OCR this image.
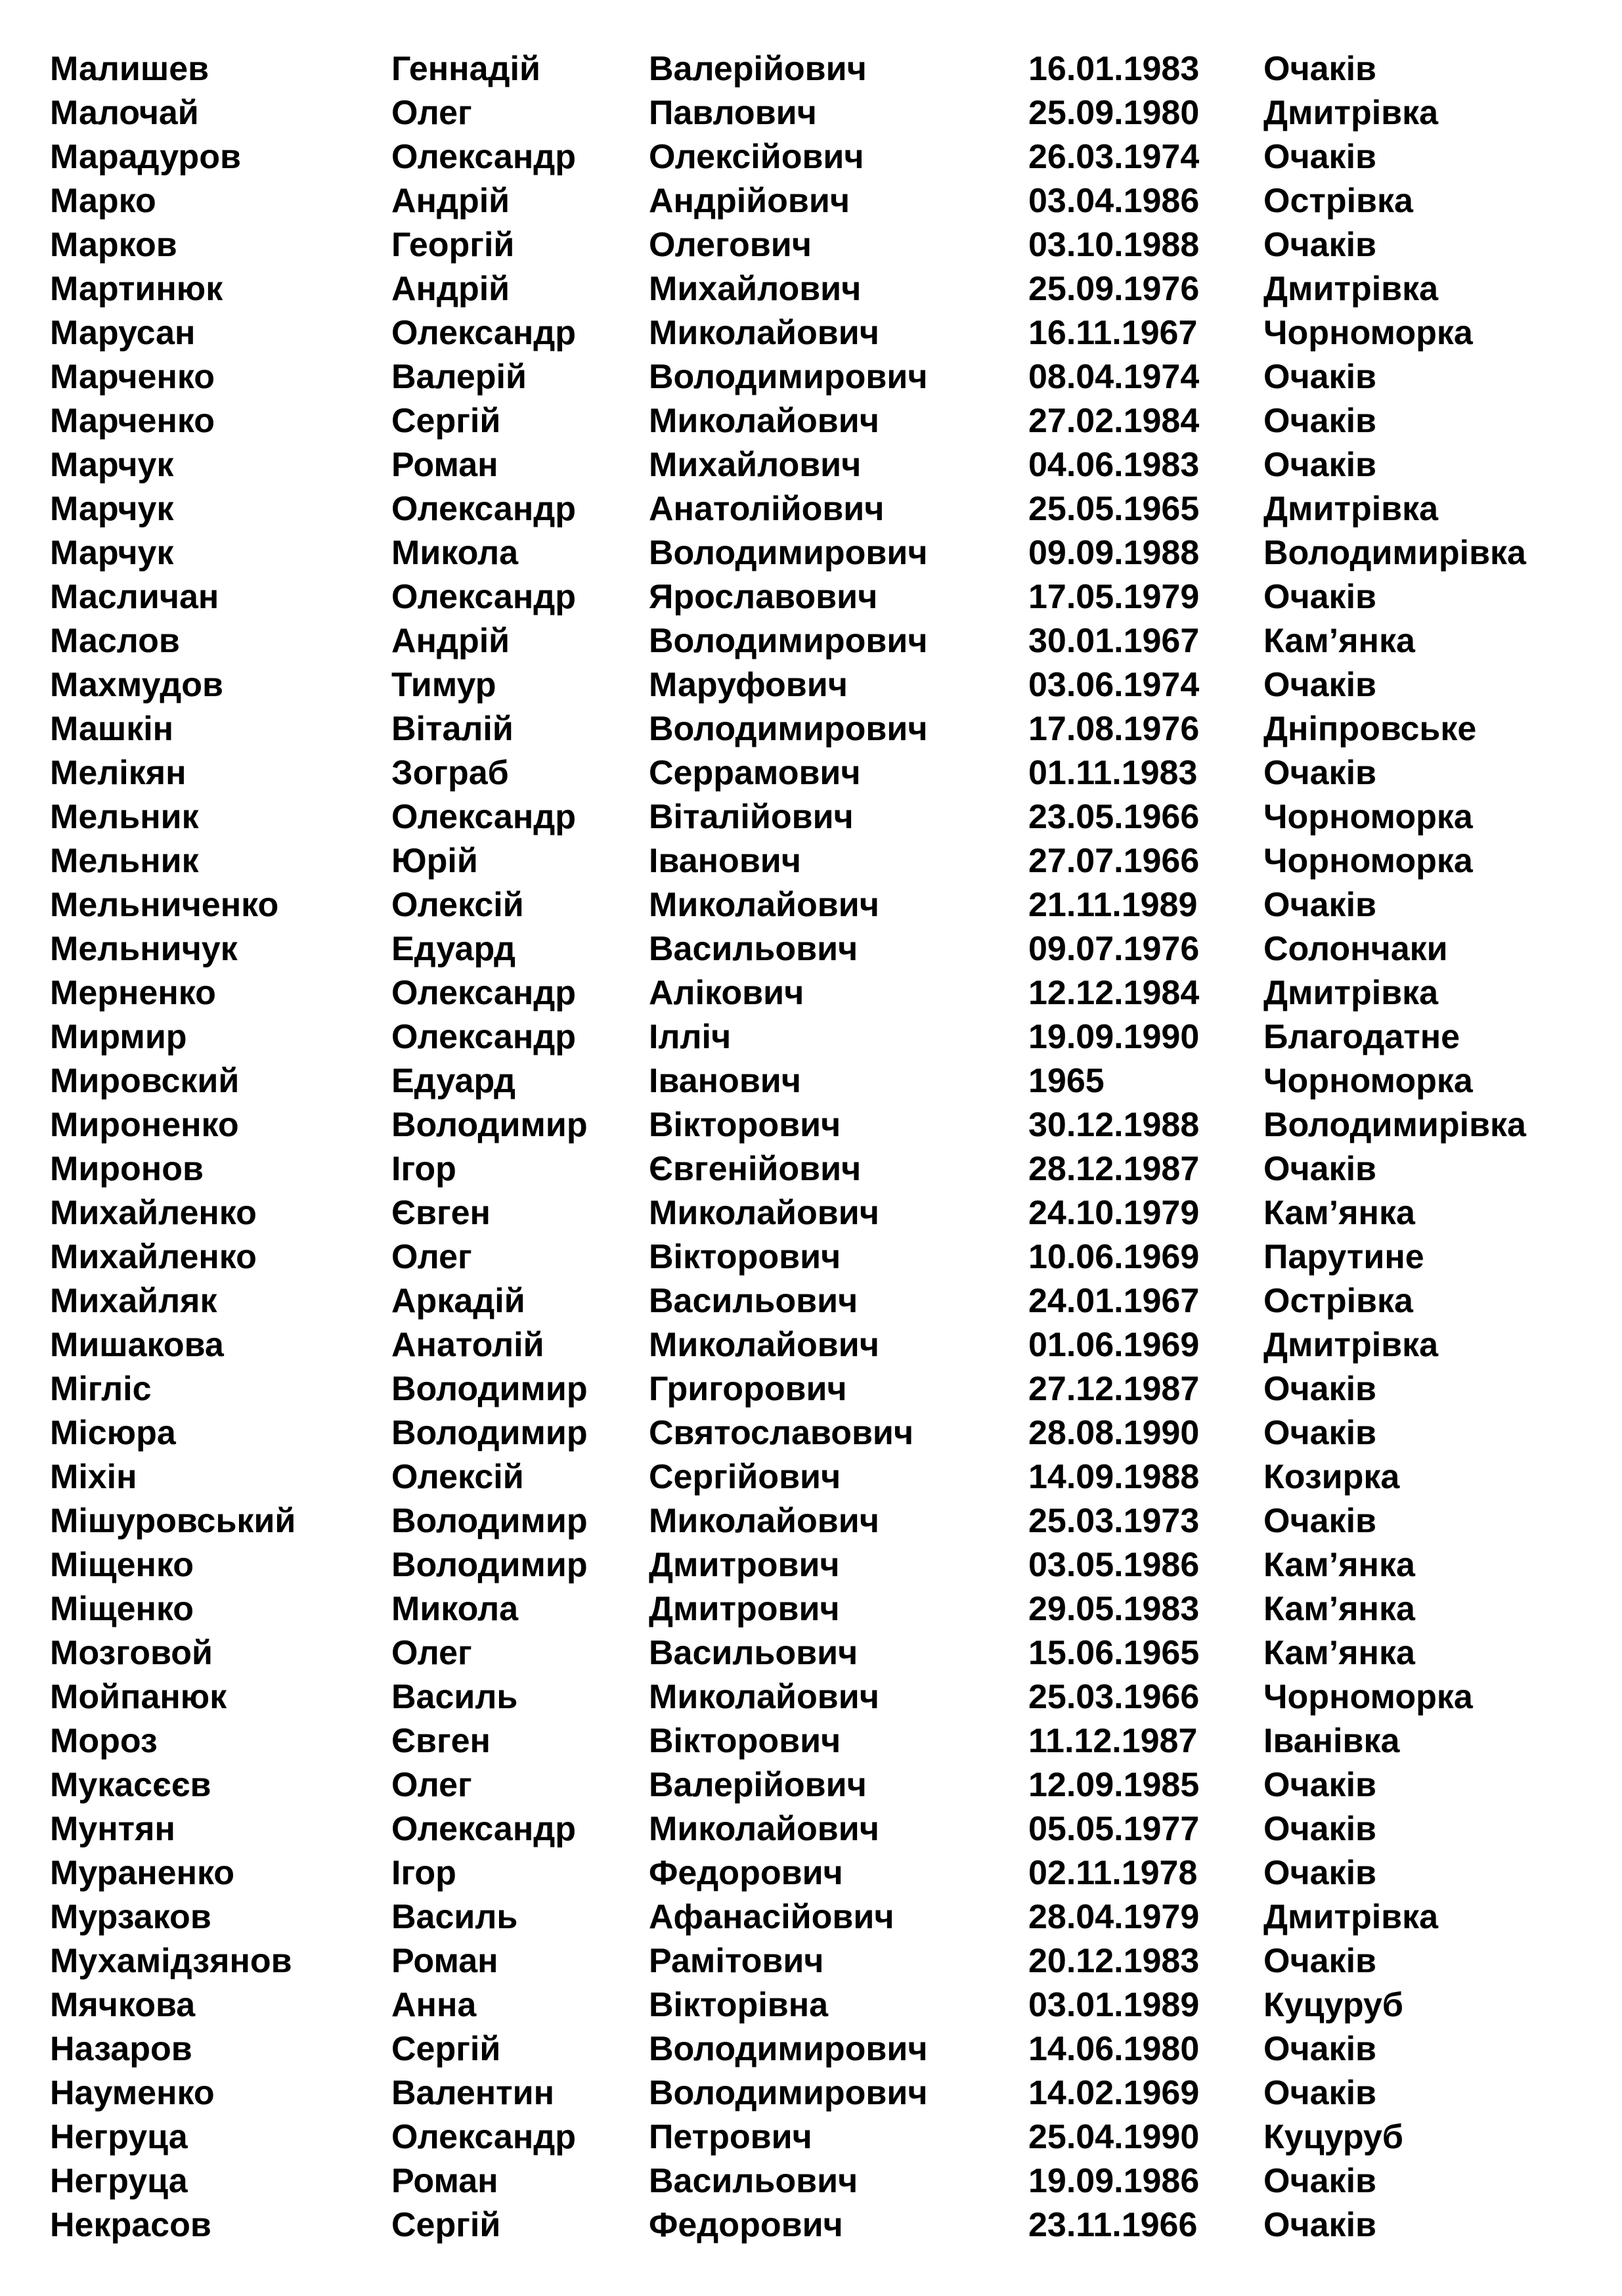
Малишев	Геннадій	Валерійович	16.01.1983	Очаків
Малочай	Олег	Павлович	25.09.1980	Дмитрівка
Марадуров	Олександр	Олексійович	26.03.1974	Очаків
Марко	Андрій	Андрійович	03.04.1986	Острівка
Марков	Георгій	Олегович	03.10.1988	Очаків
Мартинюк	Андрій	Михайлович	25.09.1976	Дмитрівка
Марусан	Олександр	Миколайович	16.11.1967	Чорноморка
Марченко	Валерій	Володимирович	08.04.1974	Очаків
Марченко	Сергій	Миколайович	27.02.1984	Очаків
Марчук	Роман	Михайлович	04.06.1983	Очаків
Марчук	Олександр	Анатолійович	25.05.1965	Дмитрівка
Марчук	Микола	Володимирович	09.09.1988	Володимирівка
Масличан	Олександр	Ярославович	17.05.1979	Очаків
Маслов	Андрій	Володимирович	30.01.1967	Кам’янка
Махмудов	Тимур	Маруфович	03.06.1974	Очаків
Машкін	Віталій	Володимирович	17.08.1976	Дніпровське
Мелікян	Зограб	Серрамович	01.11.1983	Очаків
Мельник	Олександр	Віталійович	23.05.1966	Чорноморка
Мельник	Юрій	Іванович	27.07.1966	Чорноморка
Мельниченко	Олексій	Миколайович	21.11.1989	Очаків
Мельничук	Едуард	Васильович	09.07.1976	Солончаки
Мерненко	Олександр	Алікович	12.12.1984	Дмитрівка
Мирмир	Олександр	Ілліч	19.09.1990	Благодатне
Мировский	Едуард	Іванович	1965	Чорноморка
Мироненко	Володимир	Вікторович	30.12.1988	Володимирівка
Миронов	Ігор	Євгенійович	28.12.1987	Очаків
Михайленко	Євген	Миколайович	24.10.1979	Кам’янка
Михайленко	Олег	Вікторович	10.06.1969	Парутине
Михайляк	Аркадій	Васильович	24.01.1967	Острівка
Мишакова	Анатолій	Миколайович	01.06.1969	Дмитрівка
Мігліс	Володимир	Григорович	27.12.1987	Очаків
Місюра	Володимир	Святославович	28.08.1990	Очаків
Міхін	Олексій	Сергійович	14.09.1988	Козирка
Мішуровський	Володимир	Миколайович	25.03.1973	Очаків
Міщенко	Володимир	Дмитрович	03.05.1986	Кам’янка
Міщенко	Микола	Дмитрович	29.05.1983	Кам’янка
Мозговой	Олег	Васильович	15.06.1965	Кам’янка
Мойпанюк	Василь	Миколайович	25.03.1966	Чорноморка
Мороз	Євген	Вікторович	11.12.1987	Іванівка
Мукасєєв	Олег	Валерійович	12.09.1985	Очаків
Мунтян	Олександр	Миколайович	05.05.1977	Очаків
Мураненко	Ігор	Федорович	02.11.1978	Очаків
Мурзаков	Василь	Афанасійович	28.04.1979	Дмитрівка
Мухамідзянов	Роман	Рамітович	20.12.1983	Очаків
Мячкова	Анна	Вікторівна	03.01.1989	Куцуруб
Назаров	Сергій	Володимирович	14.06.1980	Очаків
Науменко	Валентин	Володимирович	14.02.1969	Очаків
Негруца	Олександр	Петрович	25.04.1990	Куцуруб
Негруца	Роман	Васильович	19.09.1986	Очаків
Некрасов	Сергій	Федорович	23.11.1966	Очаків
